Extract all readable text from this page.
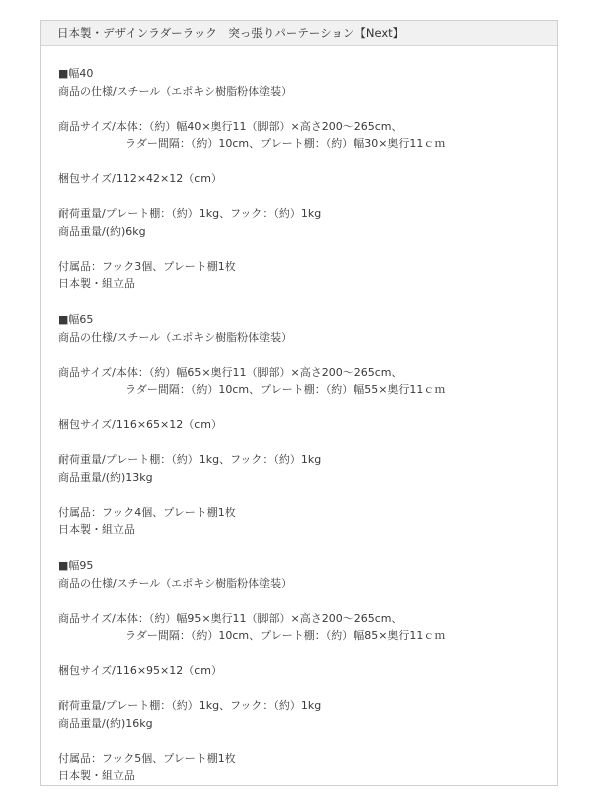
日本製・デザインラダーラック　突っ張りパーテーション【Next】
■幅40
商品の仕様/スチール（エポキシ樹脂粉体塗装）
商品サイズ/本体：（約）幅40×奥行11（脚部）×高さ200～265cm、
ラダー間隔：（約）10cm、プレート棚：（約）幅30×奥行11ｃｍ
梱包サイズ/112×42×12（cm）
耐荷重量/プレート棚：（約）1kg、フック：（約）1kg
商品重量/(約)6kg
付属品：フック3個、プレート棚1枚
日本製・組立品
■幅65
商品の仕様/スチール（エポキシ樹脂粉体塗装）
商品サイズ/本体：（約）幅65×奥行11（脚部）×高さ200～265cm、
ラダー間隔：（約）10cm、プレート棚：（約）幅55×奥行11ｃｍ
梱包サイズ/116×65×12（cm）
耐荷重量/プレート棚：（約）1kg、フック：（約）1kg
商品重量/(約)13kg
付属品：フック4個、プレート棚1枚
日本製・組立品
■幅95
商品の仕様/スチール（エポキシ樹脂粉体塗装）
商品サイズ/本体：（約）幅95×奥行11（脚部）×高さ200～265cm、
ラダー間隔：（約）10cm、プレート棚：（約）幅85×奥行11ｃｍ
梱包サイズ/116×95×12（cm）
耐荷重量/プレート棚：（約）1kg、フック：（約）1kg
商品重量/(約)16kg
付属品：フック5個、プレート棚1枚
日本製・組立品
